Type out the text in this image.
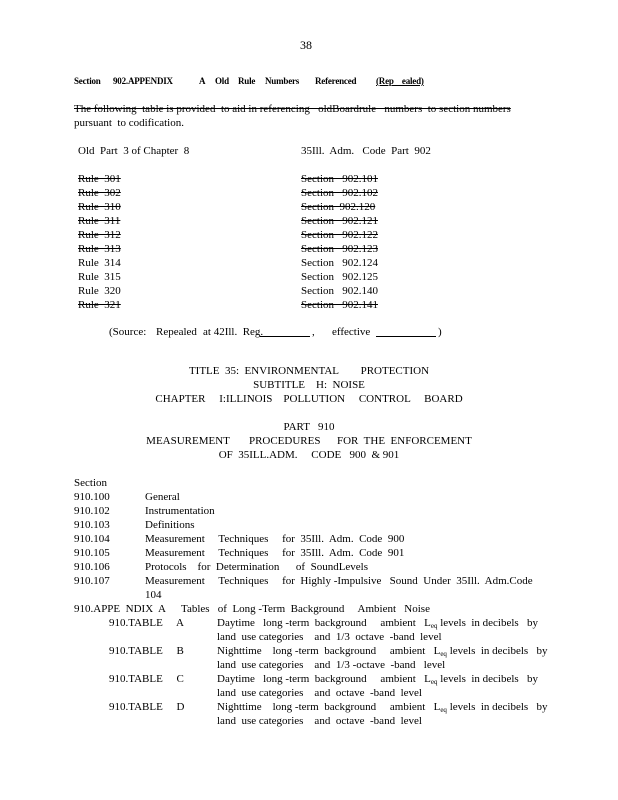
38
Section 902.APPENDIX	A Old Rule Numbers Referenced (Rep    ealed)
The following  table is provided  to aid in referencing   oldBoardrule   numbers  to section numbers
pursuant  to codification.
Old  Part  3 of Chapter  8	35Ill.  Adm.   Code  Part  902
Rule  301	Section   902.101
Rule  302	Section   902.102
Rule  310	Section  902.120
Rule  311	Section   902.121
Rule  312	Section   902.122
Rule  313	Section   902.123
Rule  314	Section   902.124
Rule  315	Section   902.125
Rule  320	Section   902.140
Rule  321	Section   902.141
(Source: Repealed at 42Ill.  Reg.	, effective	)
TITLE  35:  ENVIRONMENTAL        PROTECTION
SUBTITLE    H:  NOISE
CHAPTER     I:ILLINOIS    POLLUTION     CONTROL     BOARD
PART   910
MEASUREMENT       PROCEDURES      FOR  THE  ENFORCEMENT
OF  35ILL.ADM.     CODE   900  & 901
Section
910.100	General
910.102	Instrumentation
910.103	Definitions
910.104	Measurement     Techniques     for  35Ill.  Adm.  Code  900
910.105	Measurement     Techniques     for  35Ill.  Adm.  Code  901
910.106	Protocols    for  Determination      of  SoundLevels
910.107	Measurement     Techniques     for  Highly -Impulsive   Sound  Under  35Ill.  Adm.Code
104
910.APPE  NDIX  A Tables   of  Long -Term  Background     Ambient   Noise
910.TABLE     A	Daytime   long -term  background     ambient   $L_{eq}$ levels  in decibels   by
land  use categories    and  1/3  octave  -band  level
910.TABLE     B	Nighttime    long -term  background     ambient   $L_{eq}$ levels  in decibels   by
land  use categories    and  1/3 -octave  -band   level
910.TABLE     C	Daytime   long -term  background     ambient   $L_{eq}$ levels  in decibels   by
land  use categories    and  octave  -band  level
910.TABLE     D	Nighttime    long -term  background     ambient   $L_{eq}$ levels  in decibels   by
land  use categories    and  octave  -band  level
